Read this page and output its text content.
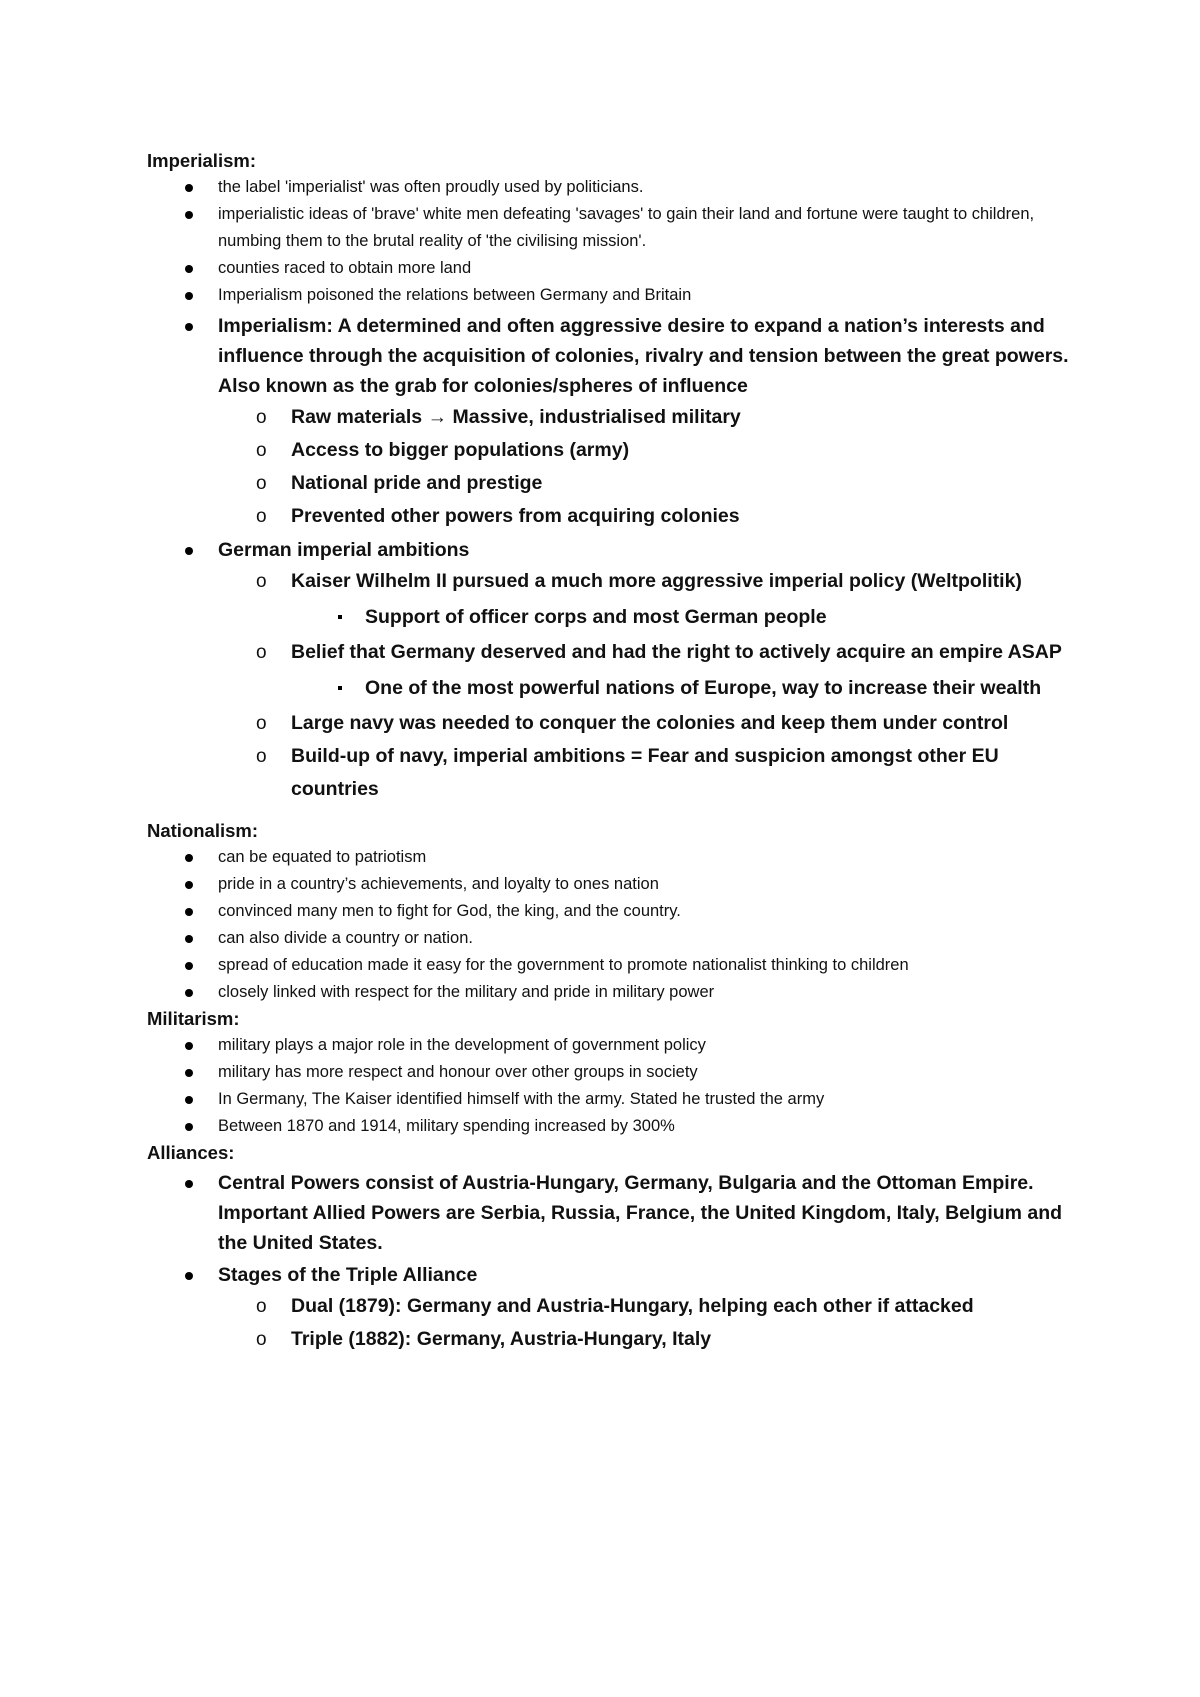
Imperialism:

the label 'imperialist' was often proudly used by politicians.
imperialistic ideas of 'brave' white men defeating 'savages' to gain their land and fortune were taught to children, numbing them to the brutal reality of 'the civilising mission'.
counties raced to obtain more land
Imperialism poisoned the relations between Germany and Britain
Imperialism: A determined and often aggressive desire to expand a nation’s interests and influence through the acquisition of colonies, rivalry and tension between the great powers. Also known as the grab for colonies/spheres of influence
o Raw materials → Massive, industrialised military
o Access to bigger populations (army)
o National pride and prestige
o Prevented other powers from acquiring colonies
German imperial ambitions
o Kaiser Wilhelm II pursued a much more aggressive imperial policy (Weltpolitik)
Support of officer corps and most German people
o Belief that Germany deserved and had the right to actively acquire an empire ASAP
One of the most powerful nations of Europe, way to increase their wealth
o Large navy was needed to conquer the colonies and keep them under control
o Build-up of navy, imperial ambitions = Fear and suspicion amongst other EU countries

Nationalism:

can be equated to patriotism
pride in a country’s achievements, and loyalty to ones nation
convinced many men to fight for God, the king, and the country.
can also divide a country or nation.
spread of education made it easy for the government to promote nationalist thinking to children
closely linked with respect for the military and pride in military power

Militarism:

military plays a major role in the development of government policy
military has more respect and honour over other groups in society
In Germany, The Kaiser identified himself with the army. Stated he trusted the army
Between 1870 and 1914, military spending increased by 300%

Alliances:

Central Powers consist of Austria-Hungary, Germany, Bulgaria and the Ottoman Empire. Important Allied Powers are Serbia, Russia, France, the United Kingdom, Italy, Belgium and the United States.
Stages of the Triple Alliance
o Dual (1879): Germany and Austria-Hungary, helping each other if attacked
o Triple (1882): Germany, Austria-Hungary, Italy
